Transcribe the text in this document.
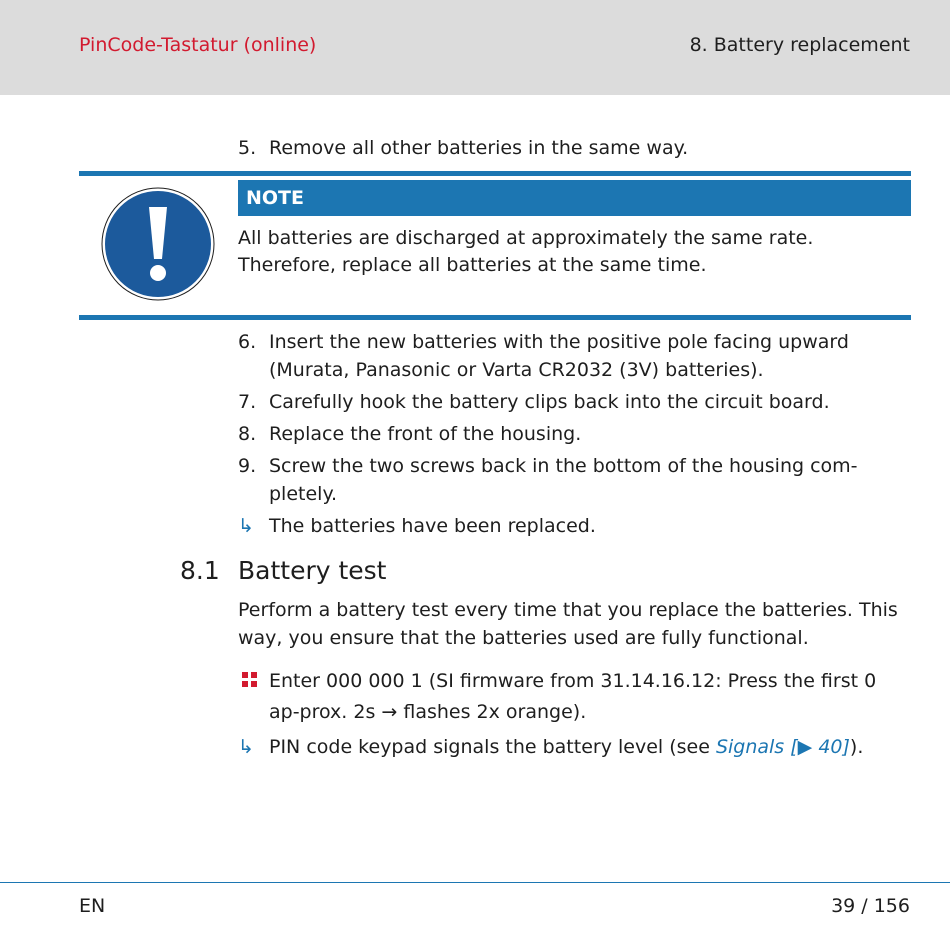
PinCode-Tastatur (online)	8. Battery replacement
5. Remove all other batteries in the same way.
NOTE
All batteries are discharged at approximately the same rate. Therefore, replace all batteries at the same time.
6. Insert the new batteries with the positive pole facing upward (Murata, Panasonic or Varta CR2032 (3V) batteries).
7. Carefully hook the battery clips back into the circuit board.
8. Replace the front of the housing.
9. Screw the two screws back in the bottom of the housing com-pletely.
↳ The batteries have been replaced.
8.1 Battery test
Perform a battery test every time that you replace the batteries. This way, you ensure that the batteries used are fully functional.
Enter 000 000 1 (SI firmware from 31.14.16.12: Press the first 0 ap-prox. 2s → flashes 2x orange).
↳ PIN code keypad signals the battery level (see Signals [▶ 40]).
EN	39 / 156
